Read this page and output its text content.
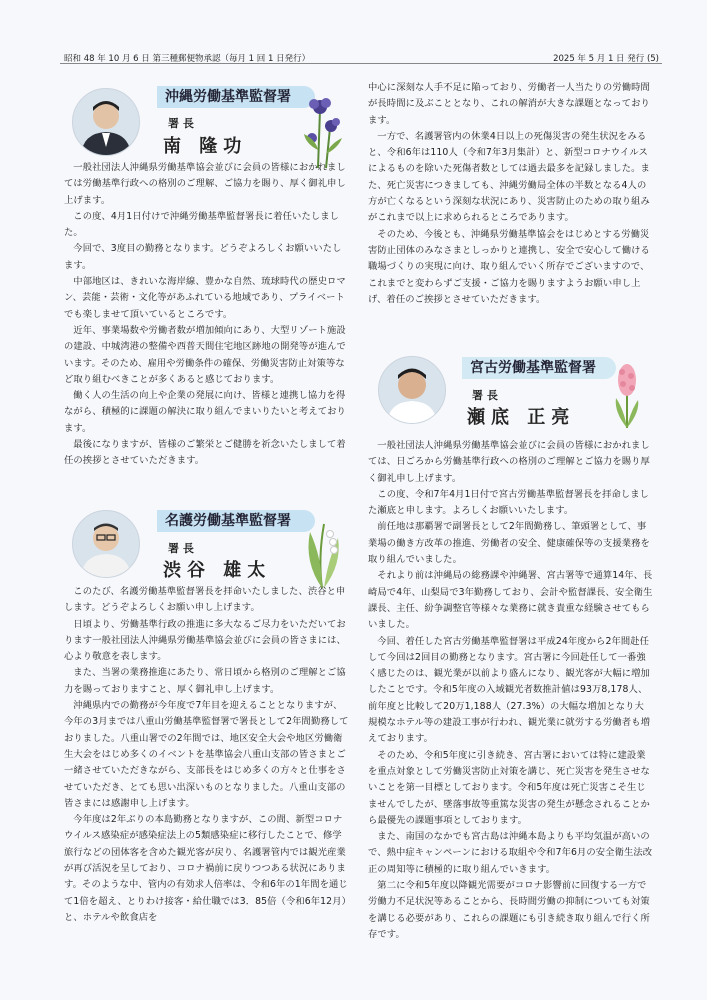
昭和 48 年 10 月 6 日 第三種郵便物承認（毎月 1 回 1 日発行）	2025 年 5 月 1 日 発行 (5)
沖縄労働基準監督署
署 長
南 隆功

一般社団法人沖縄県労働基準協会並びに会員の皆様におかれましては労働基準行政への格別のご理解、ご協力を賜り、厚く御礼申し上げます。

この度、4月1日付けで沖縄労働基準監督署長に着任いたしました。

今回で、3度目の勤務となります。どうぞよろしくお願いいたします。

中部地区は、きれいな海岸線、豊かな自然、琉球時代の歴史ロマン、芸能・芸術・文化等があふれている地域であり、プライベートでも楽しませて頂いているところです。

近年、事業場数や労働者数が増加傾向にあり、大型リゾート施設の建設、中城湾港の整備や西普天間住宅地区跡地の開発等が進んでいます。そのため、雇用や労働条件の確保、労働災害防止対策等など取り組むべきことが多くあると感じております。

働く人の生活の向上や企業の発展に向け、皆様と連携し協力を得ながら、積極的に課題の解決に取り組んでまいりたいと考えております。

最後になりますが、皆様のご繁栄とご健勝を祈念いたしまして着任の挨拶とさせていただきます。

名護労働基準監督署
署 長
渋谷 雄太

このたび、名護労働基準監督署長を拝命いたしました、渋谷と申します。どうぞよろしくお願い申し上げます。

日頃より、労働基準行政の推進に多大なるご尽力をいただいております一般社団法人沖縄県労働基準協会並びに会員の皆さまには、心より敬意を表します。

また、当署の業務推進にあたり、常日頃から格別のご理解とご協力を賜っておりますこと、厚く御礼申し上げます。

沖縄県内での勤務が今年度で7年目を迎えることとなりますが、今年の3月までは八重山労働基準監督署で署長として2年間勤務しておりました。八重山署での2年間では、地区安全大会や地区労働衛生大会をはじめ多くのイベントを基準協会八重山支部の皆さまとご一緒させていただきながら、支部長をはじめ多くの方々と仕事をさせていただき、とても思い出深いものとなりました。八重山支部の皆さまには感謝申し上げます。

今年度は2年ぶりの本島勤務となりますが、この間、新型コロナウイルス感染症が感染症法上の5類感染症に移行したことで、修学旅行などの団体客を含めた観光客が戻り、名護署管内では観光産業が再び活況を呈しており、コロナ禍前に戻りつつある状況にあります。そのような中、管内の有効求人倍率は、令和6年の1年間を通じて1倍を超え、とりわけ接客・給仕職では3．85倍（令和6年12月）と、ホテルや飲食店を

中心に深刻な人手不足に陥っており、労働者一人当たりの労働時間が長時間に及ぶこととなり、これの解消が大きな課題となっております。

一方で、名護署管内の休業4日以上の死傷災害の発生状況をみると、令和6年は110人（令和7年3月集計）と、新型コロナウイルスによるものを除いた死傷者数としては過去最多を記録しました。また、死亡災害につきましても、沖縄労働局全体の半数となる4人の方が亡くなるという深刻な状況にあり、災害防止のための取り組みがこれまで以上に求められるところであります。

そのため、今後とも、沖縄県労働基準協会をはじめとする労働災害防止団体のみなさまとしっかりと連携し、安全で安心して働ける職場づくりの実現に向け、取り組んでいく所存でございますので、これまでと変わらずご支援・ご協力を賜りますようお願い申し上げ、着任のご挨拶とさせていただきます。

宮古労働基準監督署
署 長
瀬底 正亮

一般社団法人沖縄県労働基準協会並びに会員の皆様におかれましては、日ごろから労働基準行政への格別のご理解とご協力を賜り厚く御礼申し上げます。

この度、令和7年4月1日付で宮古労働基準監督署長を拝命しました瀬底と申します。よろしくお願いいたします。

前任地は那覇署で副署長として2年間勤務し、筆頭署として、事業場の働き方改革の推進、労働者の安全、健康確保等の支援業務を取り組んでいました。

それより前は沖縄局の総務課や沖縄署、宮古署等で通算14年、長崎局で4年、山梨局で3年勤務しており、会計や監督課長、安全衛生課長、主任、紛争調整官等様々な業務に就き貴重な経験させてもらいました。

今回、着任した宮古労働基準監督署は平成24年度から2年間赴任して今回は2回目の勤務となります。宮古署に今回赴任して一番強く感じたのは、観光業が以前より盛んになり、観光客が大幅に増加したことです。令和5年度の入域観光者数推計値は93万8,178人、前年度と比較して20万1,188人（27.3%）の大幅な増加となり大規模なホテル等の建設工事が行われ、観光業に就労する労働者も増えております。

そのため、令和5年度に引き続き、宮古署においては特に建設業を重点対象として労働災害防止対策を講じ、死亡災害を発生させないことを第一目標としております。令和5年度は死亡災害こそ生じませんでしたが、墜落事故等重篤な災害の発生が懸念されることから最優先の課題事項としております。

また、南国のなかでも宮古島は沖縄本島よりも平均気温が高いので、熱中症キャンペーンにおける取組や令和7年6月の安全衛生法改正の周知等に積極的に取り組んでいきます。

第二に令和5年度以降観光需要がコロナ影響前に回復する一方で労働力不足状況等あることから、長時間労働の抑制についても対策を講じる必要があり、これらの課題にも引き続き取り組んで行く所存です。
